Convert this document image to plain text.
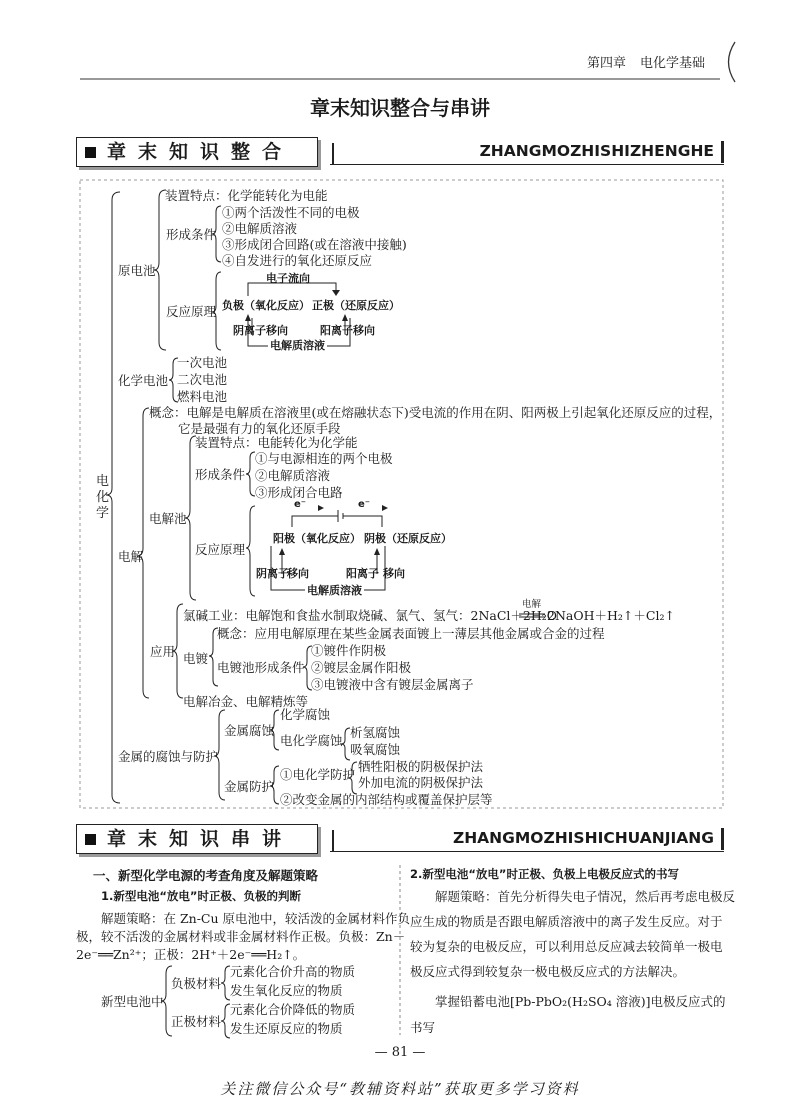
第四章 电化学基础
章末知识整合与串讲
章末知识整合	ZHANGMOZHISHIZHENGHE
电化学
原电池
装置特点：化学能转化为电能
形成条件
①两个活泼性不同的电极
②电解质溶液
③形成闭合回路(或在溶液中接触)
④自发进行的氧化还原反应
反应原理
电子流向
负极（氧化反应） 正极（还原反应）
阴离子移向	阳离子移向
电解质溶液
化学电池
一次电池
二次电池
燃料电池
电解
概念：电解是电解质在溶液里(或在熔融状态下)受电流的作用在阴、阳两极上引起氧化还原反应的过程，
它是最强有力的氧化还原手段
电解池
装置特点：电能转化为化学能
形成条件
①与电源相连的两个电极
②电解质溶液
③形成闭合电路
反应原理
e⁻	e⁻
阳极（氧化反应） 阴极（还原反应）
阴离子
移向	阳离子 移向
电解质溶液
应用
氯碱工业：电解饱和食盐水制取烧碱、氯气、氢气：2NaCl＋2H₂O
电解
2NaOH＋H₂↑＋Cl₂↑
电镀
概念：应用电解原理在某些金属表面镀上一薄层其他金属或合金的过程
电镀池形成条件
①镀件作阴极
②镀层金属作阳极
③电镀液中含有镀层金属离子
电解冶金、电解精炼等
金属的腐蚀与防护
金属腐蚀
化学腐蚀
电化学腐蚀
析氢腐蚀
吸氧腐蚀
金属防护
①电化学防护
牺牲阳极的阴极保护法
外加电流的阴极保护法
②改变金属的内部结构或覆盖保护层等
章末知识串讲	ZHANGMOZHISHICHUANJIANG
一、新型化学电源的考查角度及解题策略
1.新型电池“放电”时正极、负极的判断
解题策略：在 Zn-Cu 原电池中，较活泼的金属材料作负
极，较不活泼的金属材料或非金属材料作正极。负极：Zn－
2e⁻══Zn²⁺；正极：2H⁺＋2e⁻══H₂↑。
新型电池中
负极材料
元素化合价升高的物质
发生氧化反应的物质
正极材料
元素化合价降低的物质
发生还原反应的物质
2.新型电池“放电”时正极、负极上电极反应式的书写
解题策略：首先分析得失电子情况，然后再考虑电极反
应生成的物质是否跟电解质溶液中的离子发生反应。对于
较为复杂的电极反应，可以利用总反应减去较简单一极电
极反应式得到较复杂一极电极反应式的方法解决。
掌握铅蓄电池[Pb-PbO₂(H₂SO₄ 溶液)]电极反应式的
书写
— 81 —
关注微信公众号“教辅资料站”获取更多学习资料
